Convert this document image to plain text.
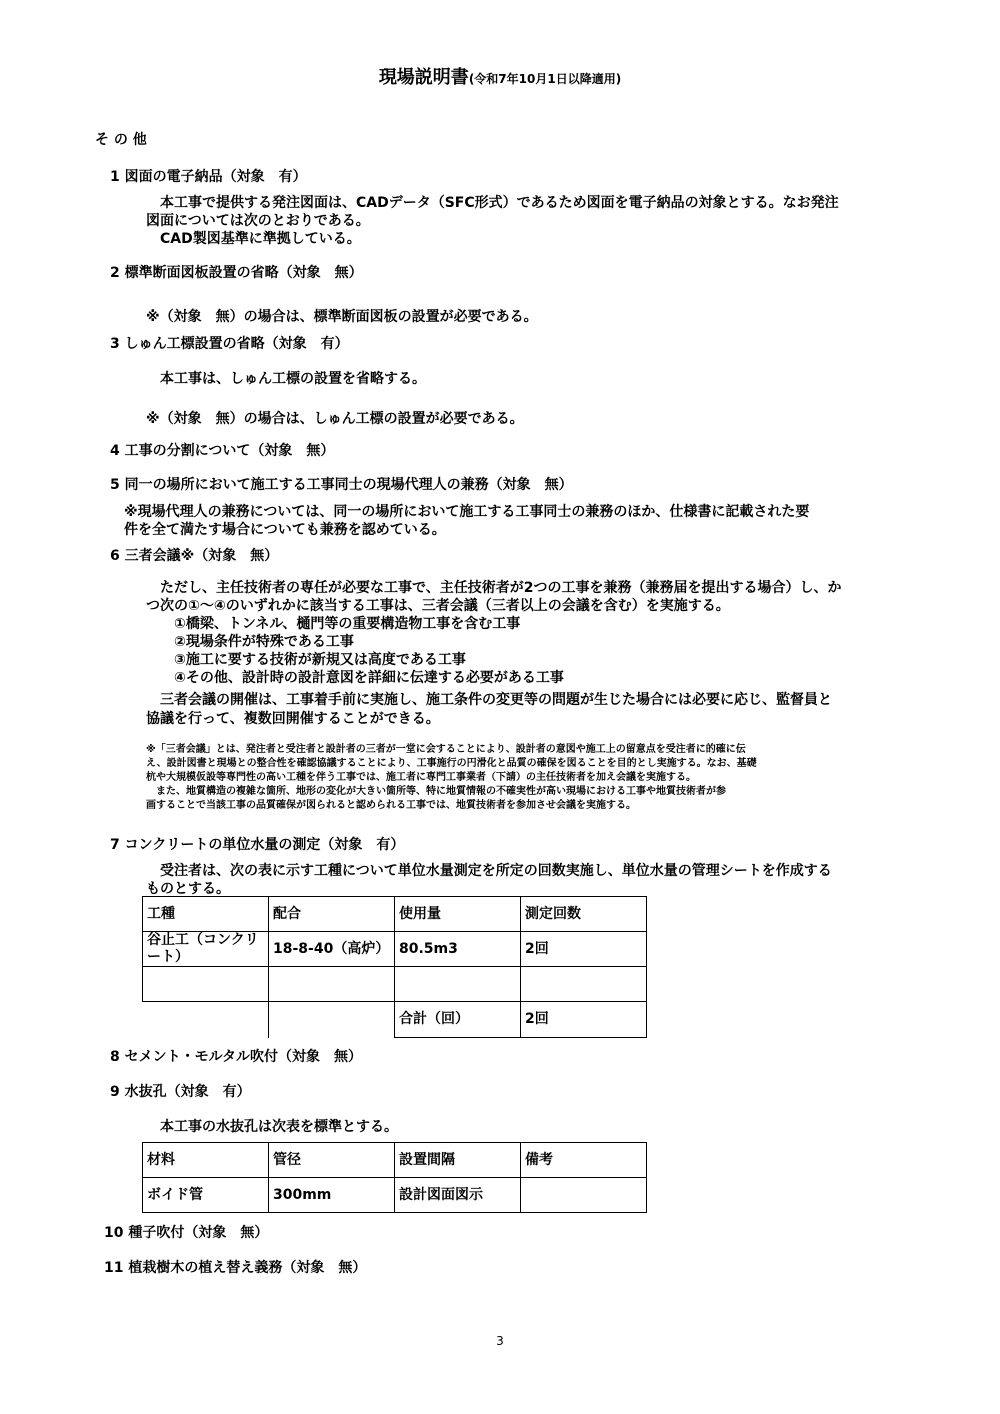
現場説明書(令和7年10月1日以降適用)
そ の 他
1 図面の電子納品（対象　有）
　本工事で提供する発注図面は、CADデータ（SFC形式）であるため図面を電子納品の対象とする。なお発注
図面については次のとおりである。
　CAD製図基準に準拠している。
2 標準断面図板設置の省略（対象　無）
※（対象　無）の場合は、標準断面図板の設置が必要である。
3 しゅん工標設置の省略（対象　有）
　本工事は、しゅん工標の設置を省略する。
※（対象　無）の場合は、しゅん工標の設置が必要である。
4 工事の分割について（対象　無）
5 同一の場所において施工する工事同士の現場代理人の兼務（対象　無）
※現場代理人の兼務については、同一の場所において施工する工事同士の兼務のほか、仕様書に記載された要
件を全て満たす場合についても兼務を認めている。
6 三者会議※（対象　無）
　ただし、主任技術者の専任が必要な工事で、主任技術者が2つの工事を兼務（兼務届を提出する場合）し、か
つ次の①～④のいずれかに該当する工事は、三者会議（三者以上の会議を含む）を実施する。
①橋梁、トンネル、樋門等の重要構造物工事を含む工事
②現場条件が特殊である工事
③施工に要する技術が新規又は高度である工事
④その他、設計時の設計意図を詳細に伝達する必要がある工事
　三者会議の開催は、工事着手前に実施し、施工条件の変更等の問題が生じた場合には必要に応じ、監督員と
協議を行って、複数回開催することができる。
※「三者会議」とは、発注者と受注者と設計者の三者が一堂に会することにより、設計者の意図や施工上の留意点を受注者に的確に伝
え、設計図書と現場との整合性を確認協議することにより、工事施行の円滑化と品質の確保を図ることを目的とし実施する。なお、基礎
杭や大規模仮設等専門性の高い工種を伴う工事では、施工者に専門工事業者（下請）の主任技術者を加え会議を実施する。
　また、地質構造の複雑な箇所、地形の変化が大きい箇所等、特に地質情報の不確実性が高い現場における工事や地質技術者が参
画することで当該工事の品質確保が図られると認められる工事では、地質技術者を参加させ会議を実施する。
7 コンクリートの単位水量の測定（対象　有）
　受注者は、次の表に示す工種について単位水量測定を所定の回数実施し、単位水量の管理シートを作成する
ものとする。
工種	配合	使用量	測定回数
谷止工（コンクリート）	18-8-40（高炉）	80.5m3	2回

		合計（回）	2回
8 セメント・モルタル吹付（対象　無）
9 水抜孔（対象　有）
　本工事の水抜孔は次表を標準とする。
材料	管径	設置間隔	備考
ボイド管	300mm	設計図面図示	
10 種子吹付（対象　無）
11 植栽樹木の植え替え義務（対象　無）
3
